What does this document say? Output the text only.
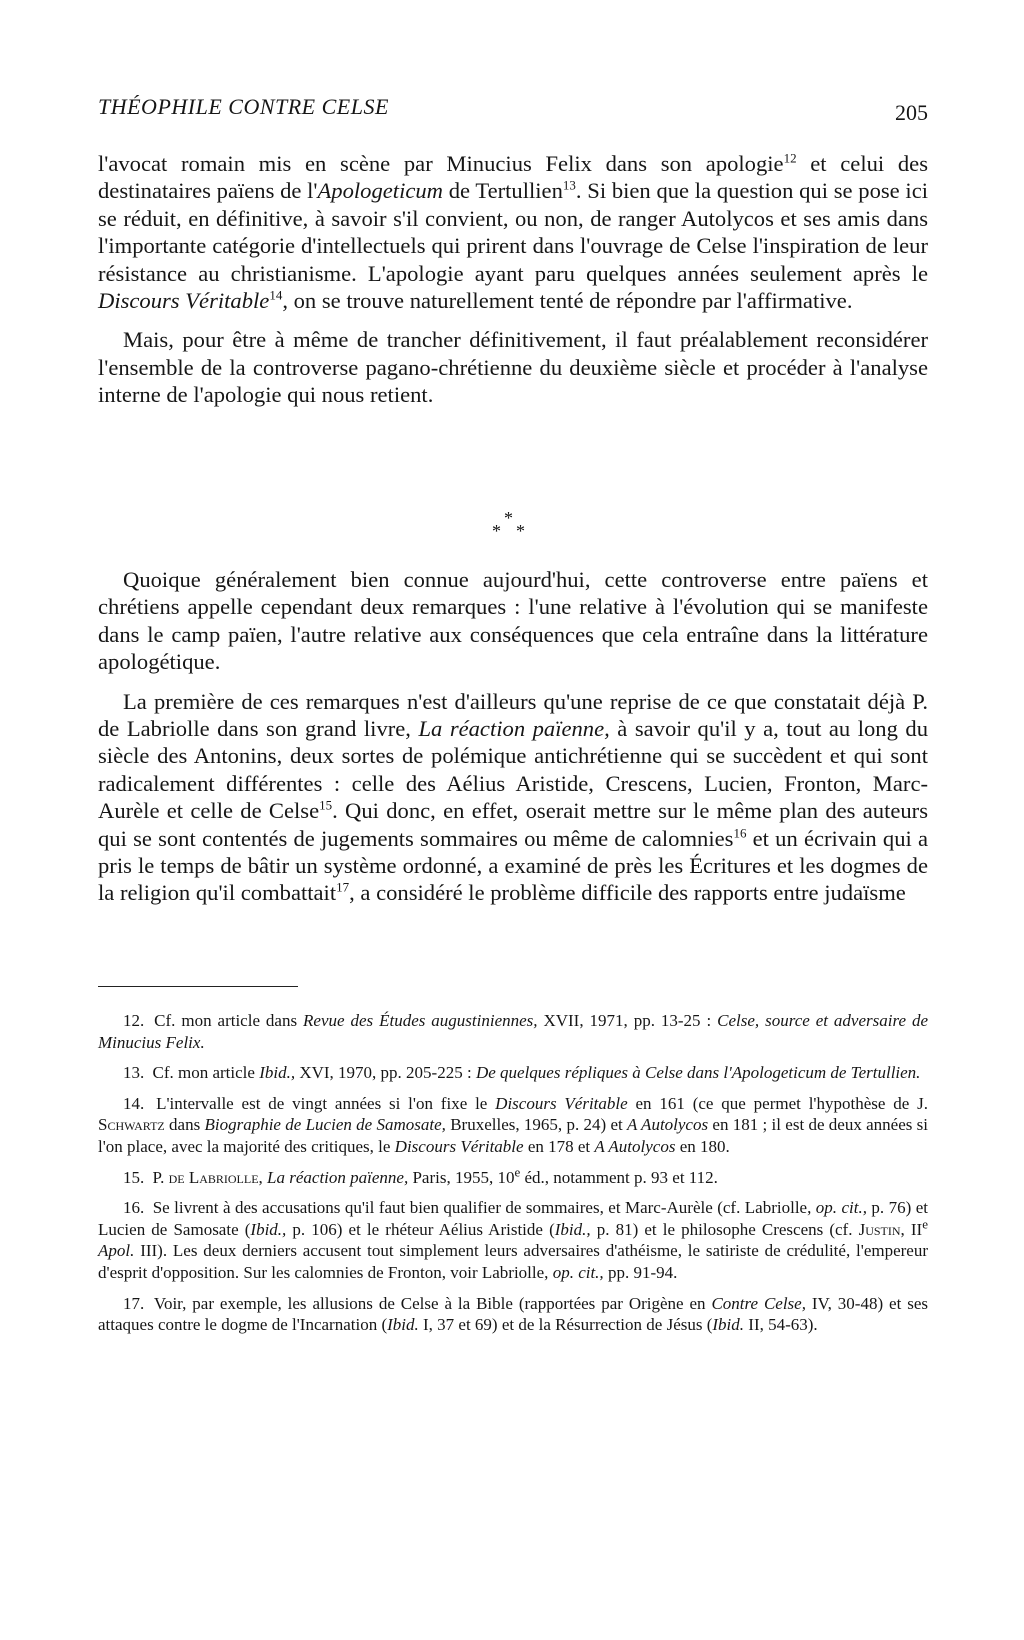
THÉOPHILE CONTRE CELSE	205

l'avocat romain mis en scène par Minucius Felix dans son apologie$^{12}$ et celui des destinataires païens de l'Apologeticum de Tertullien$^{13}$. Si bien que la question qui se pose ici se réduit, en définitive, à savoir s'il convient, ou non, de ranger Autolycos et ses amis dans l'importante catégorie d'intellectuels qui prirent dans l'ouvrage de Celse l'inspiration de leur résistance au christianisme. L'apologie ayant paru quelques années seulement après le Discours Véritable$^{14}$, on se trouve naturellement tenté de répondre par l'affirmative.

Mais, pour être à même de trancher définitivement, il faut préalablement reconsidérer l'ensemble de la controverse pagano-chrétienne du deuxième siècle et procéder à l'analyse interne de l'apologie qui nous retient.

*
* *

Quoique généralement bien connue aujourd'hui, cette controverse entre païens et chrétiens appelle cependant deux remarques : l'une relative à l'évolution qui se manifeste dans le camp païen, l'autre relative aux conséquences que cela entraîne dans la littérature apologétique.

La première de ces remarques n'est d'ailleurs qu'une reprise de ce que constatait déjà P. de Labriolle dans son grand livre, La réaction païenne, à savoir qu'il y a, tout au long du siècle des Antonins, deux sortes de polémique antichrétienne qui se succèdent et qui sont radicalement différentes : celle des Aélius Aristide, Crescens, Lucien, Fronton, Marc-Aurèle et celle de Celse$^{15}$. Qui donc, en effet, oserait mettre sur le même plan des auteurs qui se sont contentés de jugements sommaires ou même de calomnies$^{16}$ et un écrivain qui a pris le temps de bâtir un système ordonné, a examiné de près les Écritures et les dogmes de la religion qu'il combattait$^{17}$, a considéré le problème difficile des rapports entre judaïsme

12. Cf. mon article dans Revue des Études augustiniennes, XVII, 1971, pp. 13-25 : Celse, source et adversaire de Minucius Felix.

13. Cf. mon article Ibid., XVI, 1970, pp. 205-225 : De quelques répliques à Celse dans l'Apologeticum de Tertullien.

14. L'intervalle est de vingt années si l'on fixe le Discours Véritable en 161 (ce que permet l'hypothèse de J. Schwartz dans Biographie de Lucien de Samosate, Bruxelles, 1965, p. 24) et A Autolycos en 181 ; il est de deux années si l'on place, avec la majorité des critiques, le Discours Véritable en 178 et A Autolycos en 180.

15. P. de Labriolle, La réaction païenne, Paris, 1955, 10e éd., notamment p. 93 et 112.

16. Se livrent à des accusations qu'il faut bien qualifier de sommaires, et Marc-Aurèle (cf. Labriolle, op. cit., p. 76) et Lucien de Samosate (Ibid., p. 106) et le rhéteur Aélius Aristide (Ibid., p. 81) et le philosophe Crescens (cf. Justin, IIe Apol. III). Les deux derniers accusent tout simplement leurs adversaires d'athéisme, le satiriste de crédulité, l'empereur d'esprit d'opposition. Sur les calomnies de Fronton, voir Labriolle, op. cit., pp. 91-94.

17. Voir, par exemple, les allusions de Celse à la Bible (rapportées par Origène en Contre Celse, IV, 30-48) et ses attaques contre le dogme de l'Incarnation (Ibid. I, 37 et 69) et de la Résurrection de Jésus (Ibid. II, 54-63).
